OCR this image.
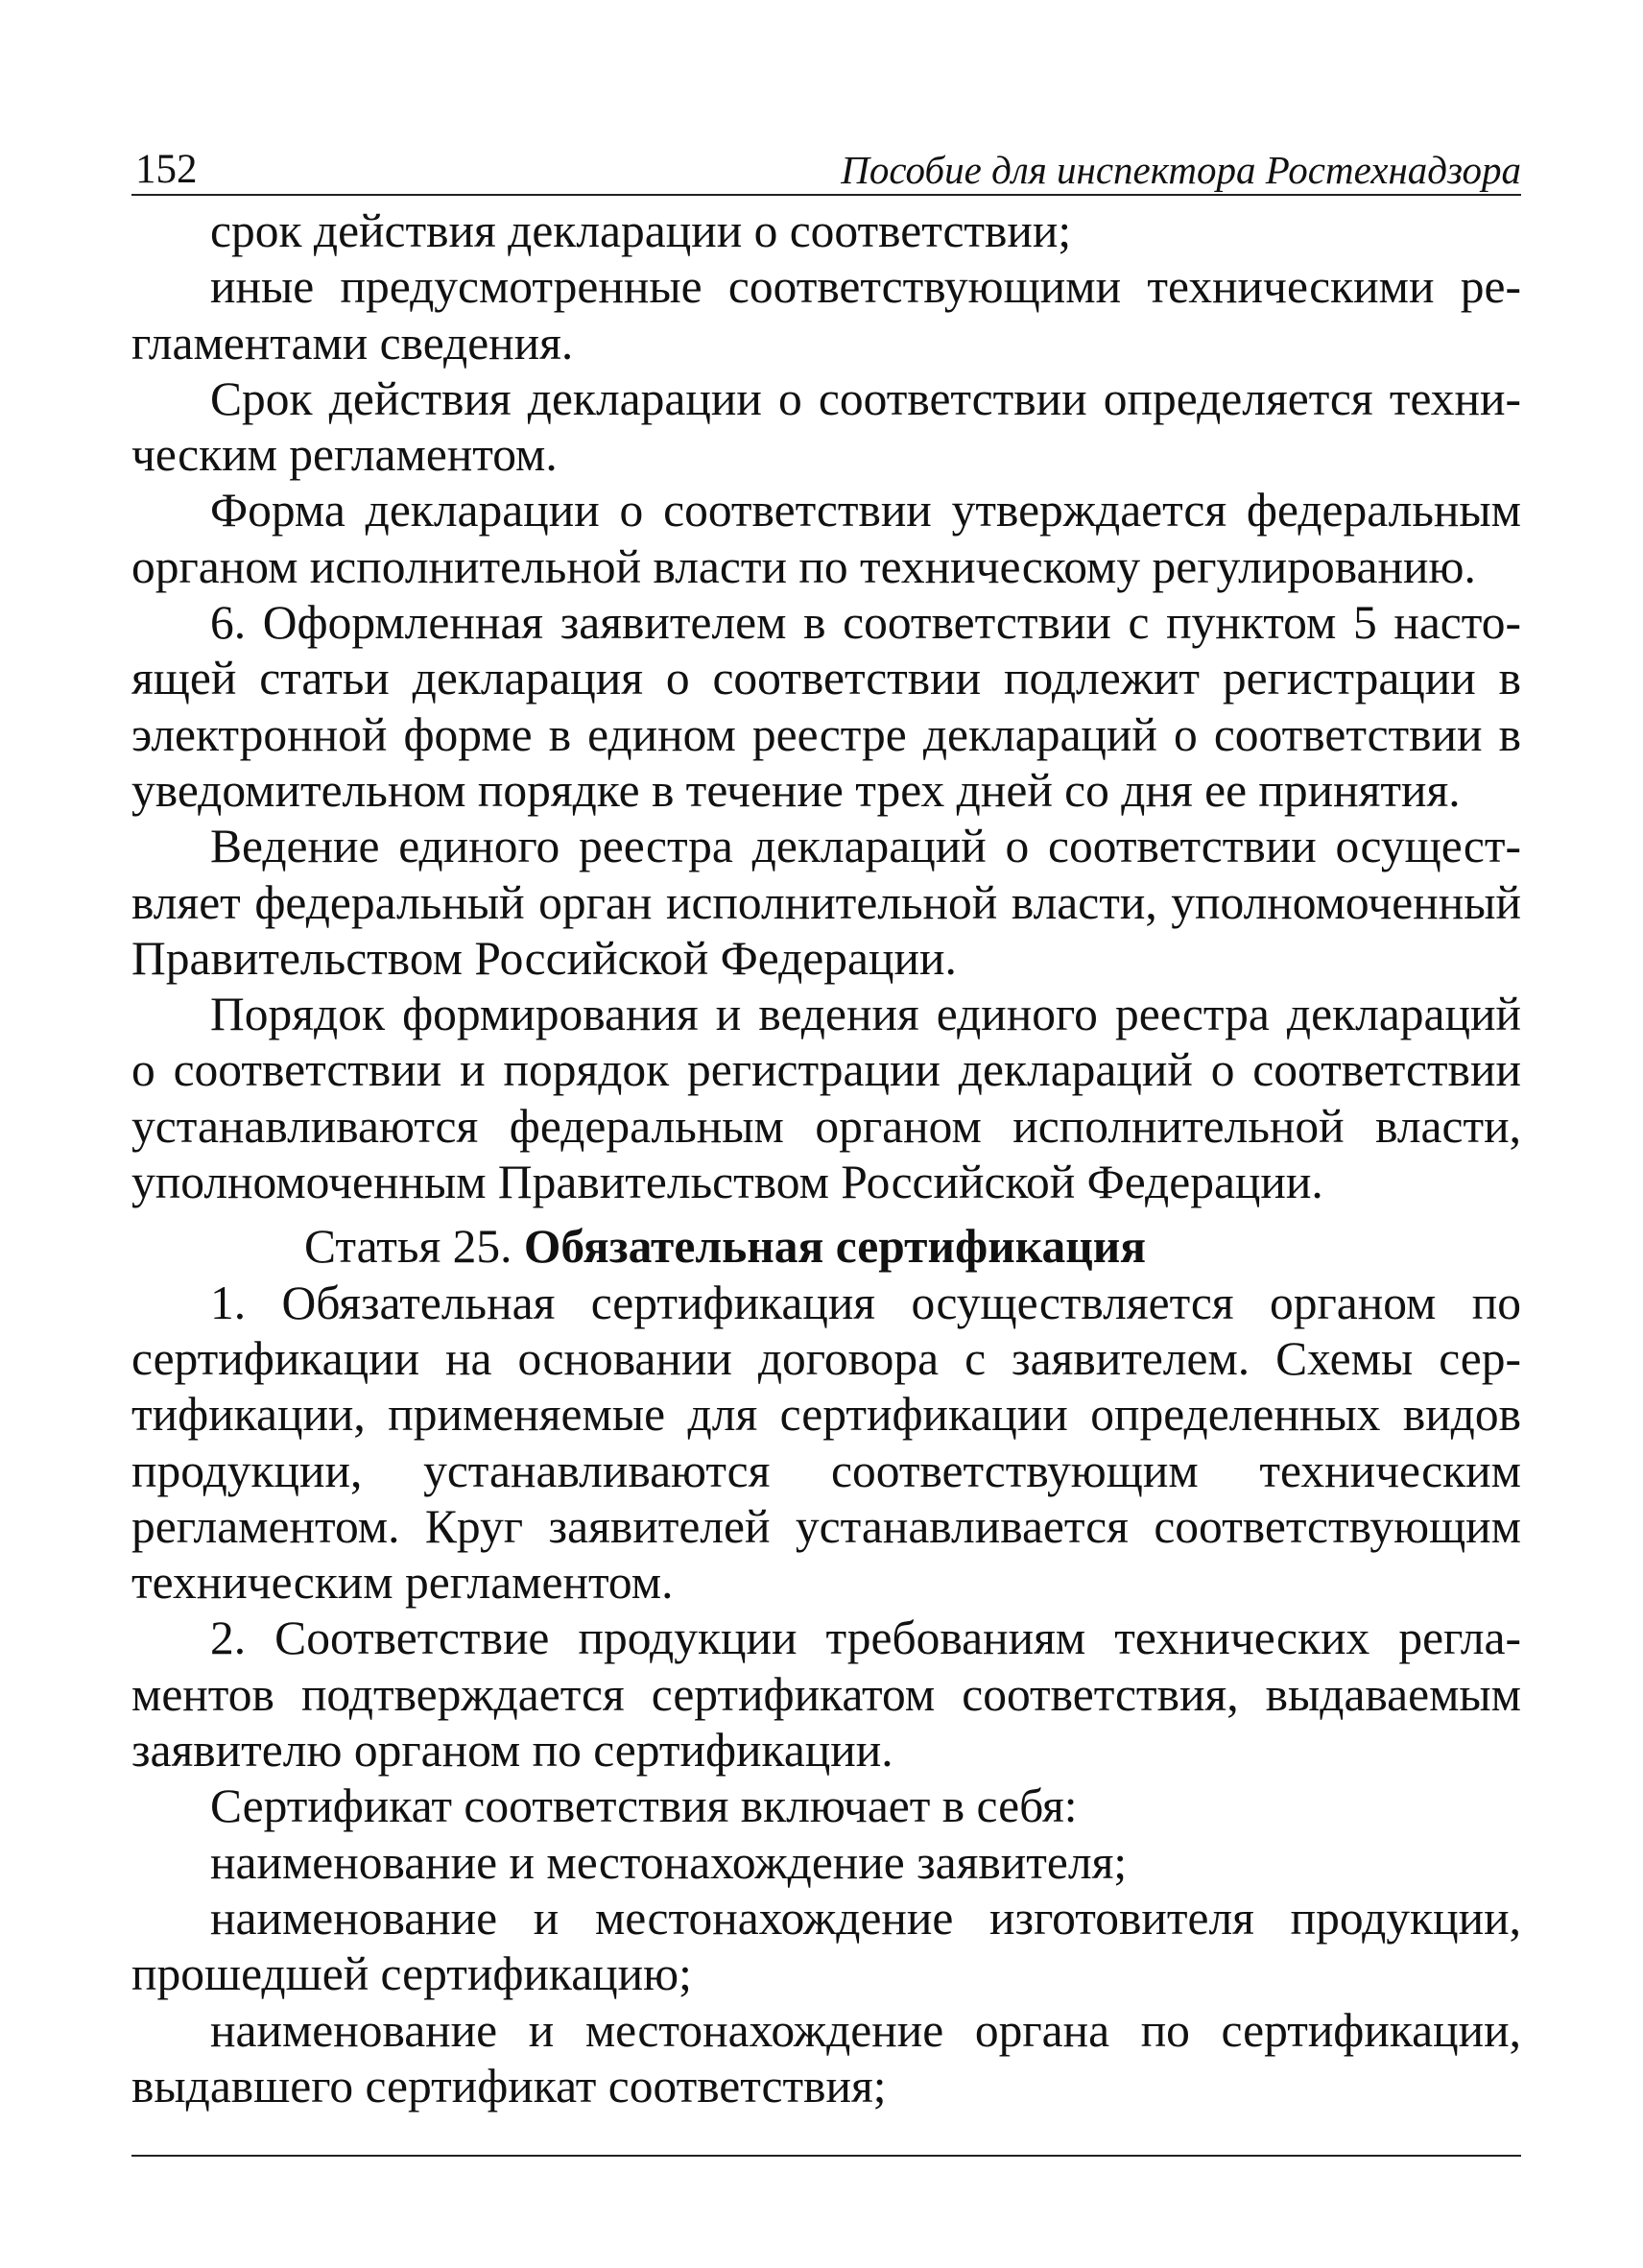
152	Пособие для инспектора Ростехнадзора

срок действия декларации о соответствии;

иные предусмотренные соответствующими техническими регламентами сведения.

Срок действия декларации о соответствии определяется техническим регламентом.

Форма декларации о соответствии утверждается федеральным органом исполнительной власти по техническому регулированию.

6. Оформленная заявителем в соответствии с пунктом 5 настоящей статьи декларация о соответствии подлежит регистрации в электронной форме в едином реестре деклараций о соответствии в уведомительном порядке в течение трех дней со дня ее принятия.

Ведение единого реестра деклараций о соответствии осуществляет федеральный орган исполнительной власти, уполномоченный Правительством Российской Федерации.

Порядок формирования и ведения единого реестра деклараций о соответствии и порядок регистрации деклараций о соответствии устанавливаются федеральным органом исполнительной власти, уполномоченным Правительством Российской Федерации.

Статья 25. Обязательная сертификация

1. Обязательная сертификация осуществляется органом по сертификации на основании договора с заявителем. Схемы сертификации, применяемые для сертификации определенных видов продукции, устанавливаются соответствующим техническим регламентом. Круг заявителей устанавливается соответствующим техническим регламентом.

2. Соответствие продукции требованиям технических регламентов подтверждается сертификатом соответствия, выдаваемым заявителю органом по сертификации.

Сертификат соответствия включает в себя:

наименование и местонахождение заявителя;

наименование и местонахождение изготовителя продукции, прошедшей сертификацию;

наименование и местонахождение органа по сертификации, выдавшего сертификат соответствия;
